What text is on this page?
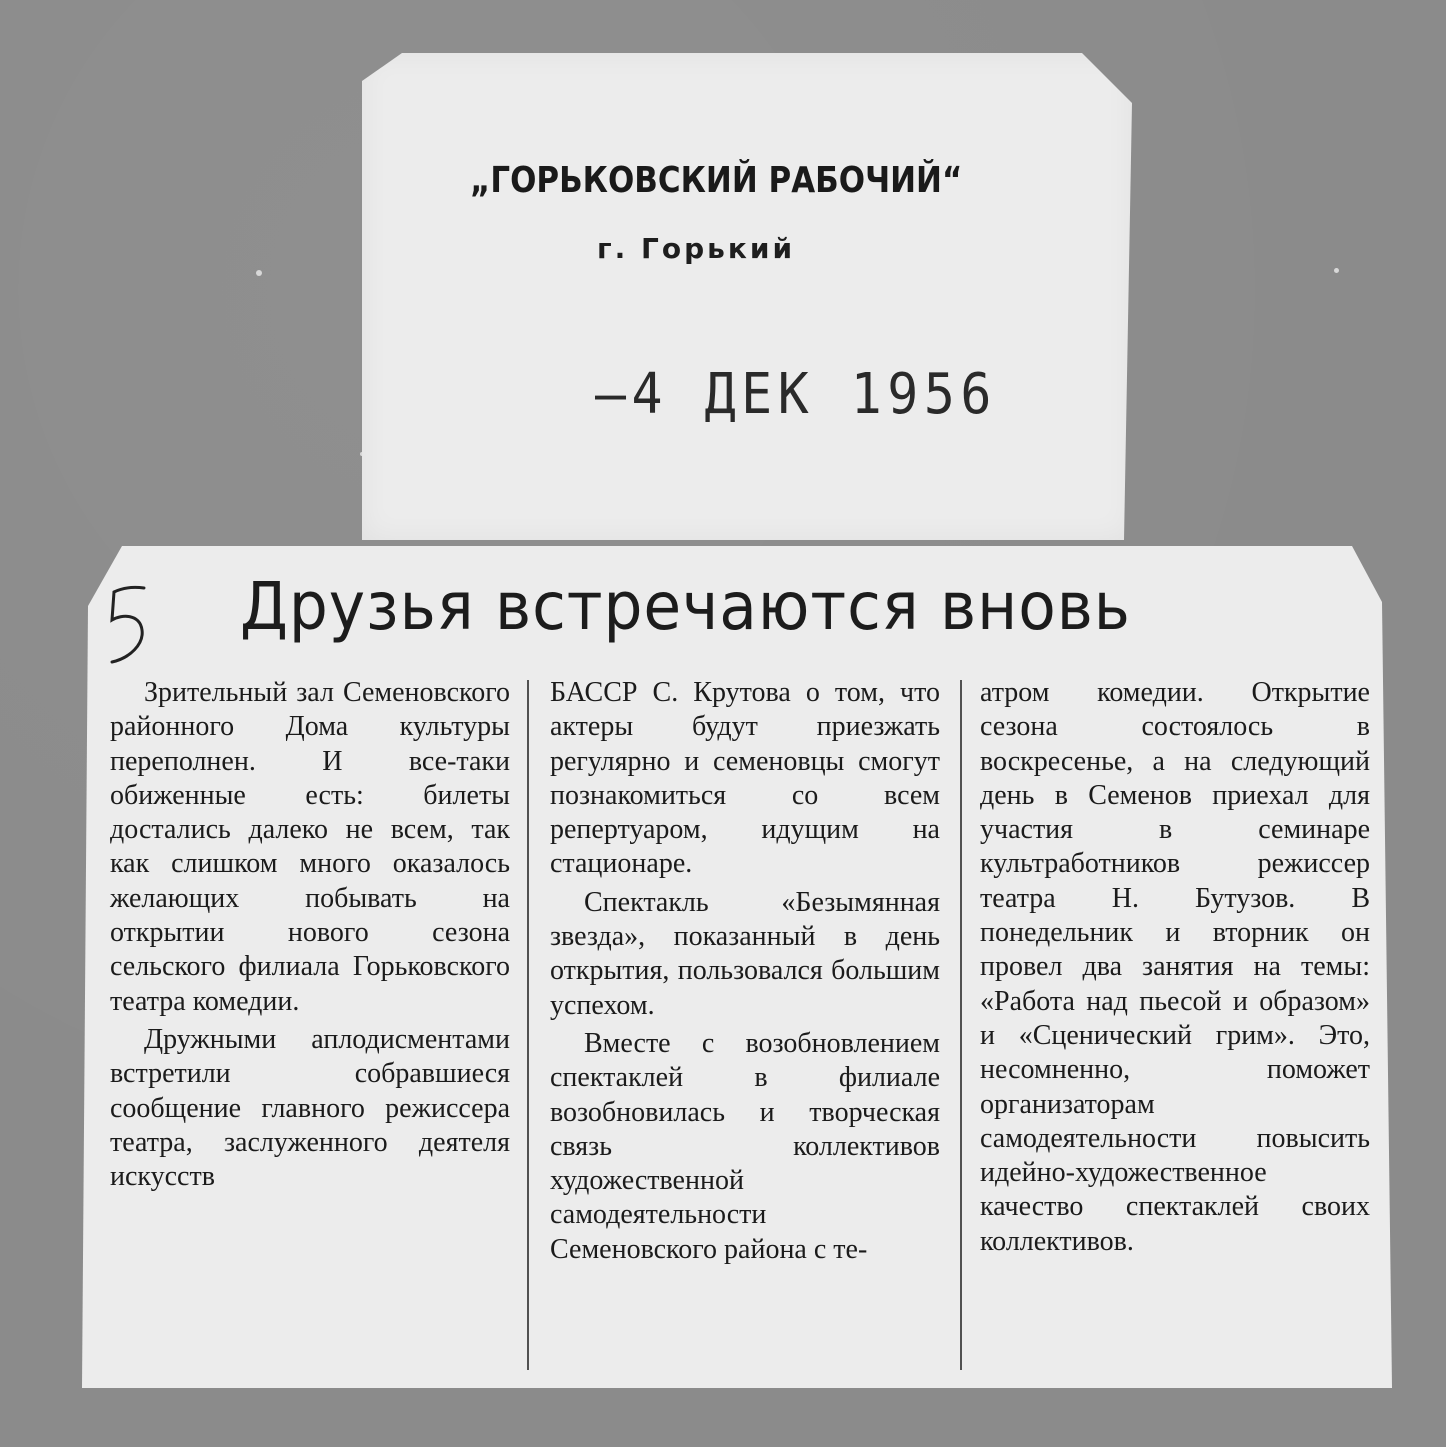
„ГОРЬКОВСКИЙ РАБОЧИЙ“
г. Горький
–4 ДЕК 1956
Друзья встречаются вновь

Зрительный зал Семеновского районного Дома культуры переполнен. И все-таки обиженные есть: билеты достались далеко не всем, так как слишком много оказалось желающих побывать на открытии нового сезона сельского филиала Горьковского театра комедии.

Дружными аплодисментами встретили собравшиеся сообщение главного режиссера театра, заслуженного деятеля искусств

БАССР С. Крутова о том, что актеры будут приезжать регулярно и семеновцы смогут познакомиться со всем репертуаром, идущим на стационаре.

Спектакль «Безымянная звезда», показанный в день открытия, пользовался большим успехом.

Вместе с возобновлением спектаклей в филиале возобновилась и творческая связь коллективов художественной самодеятельности Семеновского района с те-

атром комедии. Открытие сезона состоялось в воскресенье, а на следующий день в Семенов приехал для участия в семинаре культработников режиссер театра Н. Бутузов. В понедельник и вторник он провел два занятия на темы: «Работа над пьесой и образом» и «Сценический грим». Это, несомненно, поможет организаторам самодеятельности повысить идейно-художественное качество спектаклей своих коллективов.
